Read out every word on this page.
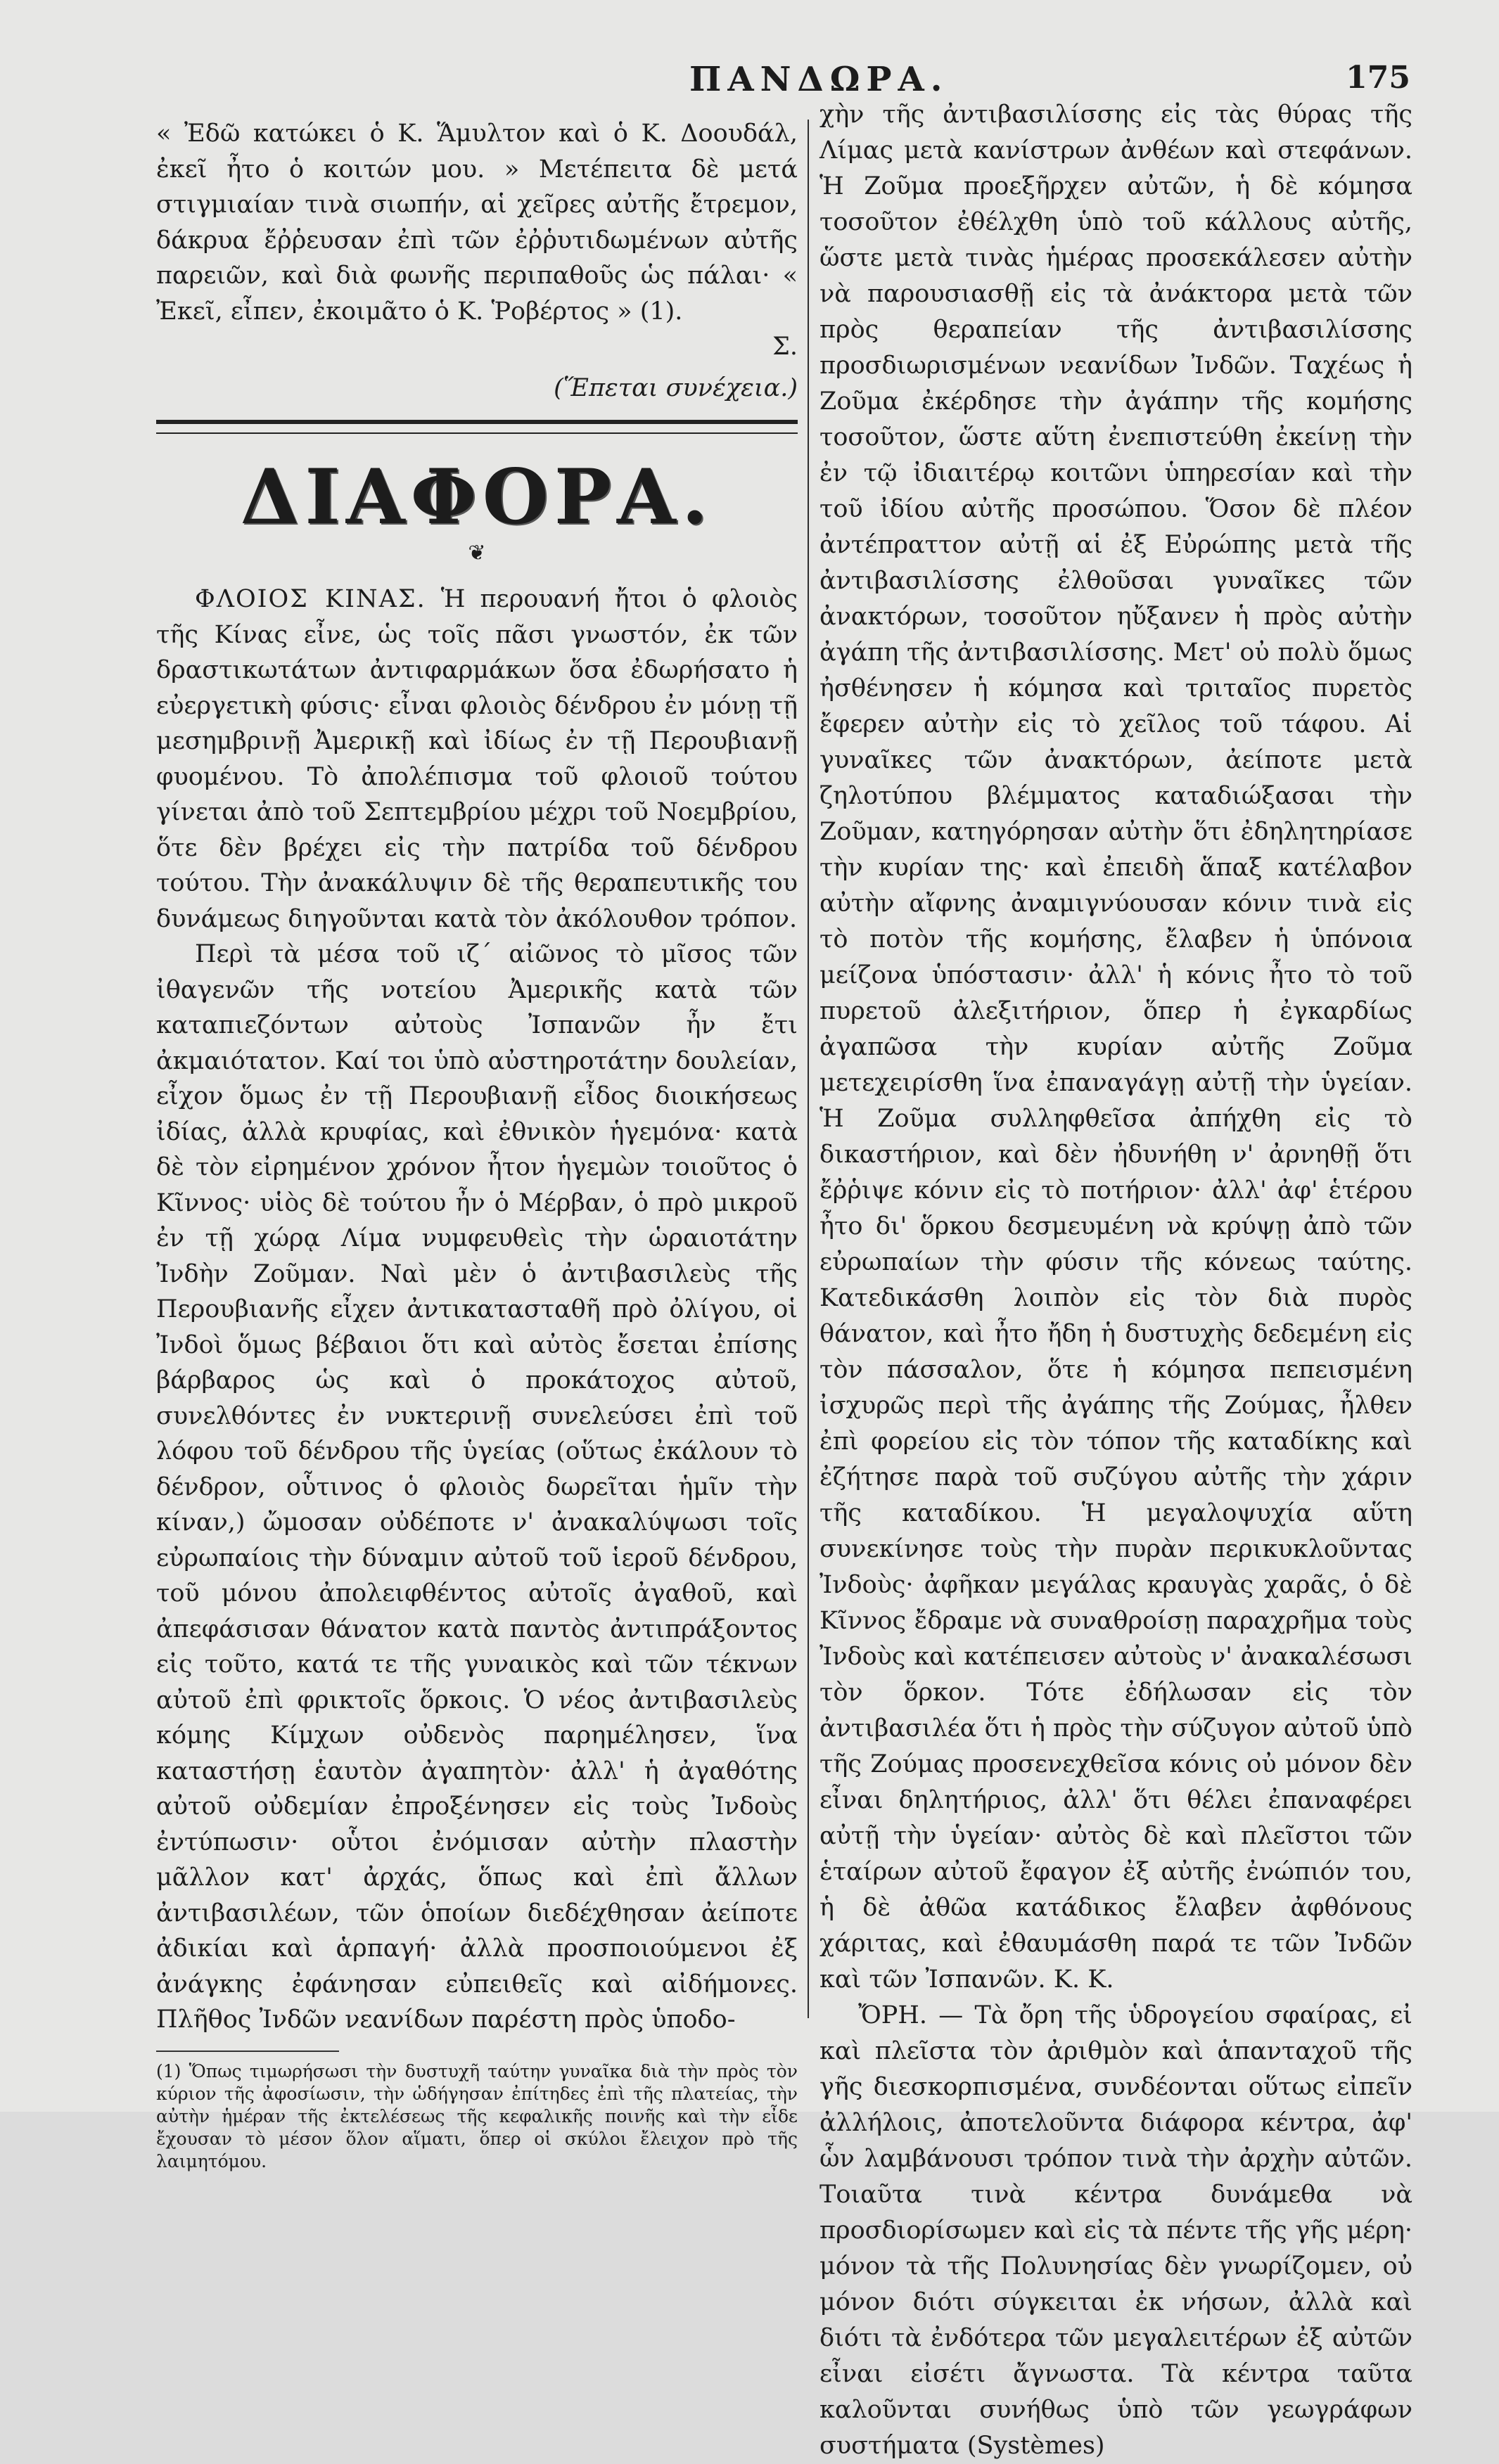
ΠΑΝΔΩΡΑ.	175

« Ἐδῶ κατώκει ὁ Κ. Ἅμυλτον καὶ ὁ Κ. Δοουδάλ, ἐκεῖ ἦτο ὁ κοιτών μου. » Μετέπειτα δὲ μετά στιγμιαίαν τινὰ σιωπήν, αἱ χεῖρες αὐτῆς ἔτρεμον, δάκρυα ἔῤῥευσαν ἐπὶ τῶν ἐῤῥυτιδωμένων αὐτῆς παρειῶν, καὶ διὰ φωνῆς περιπαθοῦς ὡς πάλαι· « Ἐκεῖ, εἶπεν, ἐκοιμᾶτο ὁ Κ. Ῥοβέρτος » (1).

Σ.

(Ἕπεται συνέχεια.)

ΔΙΑΦΟΡΑ.
❦

ΦΛΟΙΟΣ ΚΙΝΑΣ. Ἡ περουανή ἤτοι ὁ φλοιὸς τῆς Κίνας εἶνε, ὡς τοῖς πᾶσι γνωστόν, ἐκ τῶν δραστικωτάτων ἀντιφαρμάκων ὅσα ἐδωρήσατο ἡ εὐεργετικὴ φύσις· εἶναι φλοιὸς δένδρου ἐν μόνῃ τῇ μεσημβρινῇ Ἀμερικῇ καὶ ἰδίως ἐν τῇ Περουβιανῇ φυομένου. Τὸ ἀπολέπισμα τοῦ φλοιοῦ τούτου γίνεται ἀπὸ τοῦ Σεπτεμβρίου μέχρι τοῦ Νοεμβρίου, ὅτε δὲν βρέχει εἰς τὴν πατρίδα τοῦ δένδρου τούτου. Τὴν ἀνακάλυψιν δὲ τῆς θεραπευτικῆς του δυνάμεως διηγοῦνται κατὰ τὸν ἀκόλουθον τρόπον.

Περὶ τὰ μέσα τοῦ ιζ΄ αἰῶνος τὸ μῖσος τῶν ἰθαγενῶν τῆς νοτείου Ἀμερικῆς κατὰ τῶν καταπιεζόντων αὐτοὺς Ἰσπανῶν ἦν ἔτι ἀκμαιότατον. Καί τοι ὑπὸ αὐστηροτάτην δουλείαν, εἶχον ὅμως ἐν τῇ Περουβιανῇ εἶδος διοικήσεως ἰδίας, ἀλλὰ κρυφίας, καὶ ἐθνικὸν ἡγεμόνα· κατὰ δὲ τὸν εἰρημένον χρόνον ἦτον ἡγεμὼν τοιοῦτος ὁ Κῖννος· υἱὸς δὲ τούτου ἦν ὁ Μέρβαν, ὁ πρὸ μικροῦ ἐν τῇ χώρᾳ Λίμα νυμφευθεὶς τὴν ὡραιοτάτην Ἰνδὴν Ζοῦμαν. Ναὶ μὲν ὁ ἀντιβασιλεὺς τῆς Περουβιανῆς εἶχεν ἀντικατασταθῆ πρὸ ὀλίγου, οἱ Ἰνδοὶ ὅμως βέβαιοι ὅτι καὶ αὐτὸς ἔσεται ἐπίσης βάρβαρος ὡς καὶ ὁ προκάτοχος αὐτοῦ, συνελθόντες ἐν νυκτερινῇ συνελεύσει ἐπὶ τοῦ λόφου τοῦ δένδρου τῆς ὑγείας (οὕτως ἐκάλουν τὸ δένδρον, οὗτινος ὁ φλοιὸς δωρεῖται ἡμῖν τὴν κίναν,) ὤμοσαν οὐδέποτε ν' ἀνακαλύψωσι τοῖς εὐρωπαίοις τὴν δύναμιν αὐτοῦ τοῦ ἱεροῦ δένδρου, τοῦ μόνου ἀπολειφθέντος αὐτοῖς ἀγαθοῦ, καὶ ἀπεφάσισαν θάνατον κατὰ παντὸς ἀντιπράξοντος εἰς τοῦτο, κατά τε τῆς γυναικὸς καὶ τῶν τέκνων αὐτοῦ ἐπὶ φρικτοῖς ὅρκοις. Ὁ νέος ἀντιβασιλεὺς κόμης Κίμχων οὐδενὸς παρημέλησεν, ἵνα καταστήσῃ ἑαυτὸν ἀγαπητὸν· ἀλλ' ἡ ἀγαθότης αὐτοῦ οὐδεμίαν ἐπροξένησεν εἰς τοὺς Ἰνδοὺς ἐντύπωσιν· οὗτοι ἐνόμισαν αὐτὴν πλαστὴν μᾶλλον κατ' ἀρχάς, ὅπως καὶ ἐπὶ ἄλλων ἀντιβασιλέων, τῶν ὁποίων διεδέχθησαν ἀείποτε ἀδικίαι καὶ ἁρπαγή· ἀλλὰ προσποιούμενοι ἐξ ἀνάγκης ἐφάνησαν εὐπειθεῖς καὶ αἰδήμονες. Πλῆθος Ἰνδῶν νεανίδων παρέστη πρὸς ὑποδο-

(1) Ὅπως τιμωρήσωσι τὴν δυστυχῆ ταύτην γυναῖκα διὰ τὴν πρὸς τὸν κύριον τῆς ἀφοσίωσιν, τὴν ὡδήγησαν ἐπίτηδες ἐπὶ τῆς πλατείας, τὴν αὐτὴν ἡμέραν τῆς ἐκτελέσεως τῆς κεφαλικῆς ποινῆς καὶ τὴν εἶδε ἔχουσαν τὸ μέσον ὅλον αἵματι, ὅπερ οἱ σκύλοι ἔλειχον πρὸ τῆς λαιμητόμου.

χὴν τῆς ἀντιβασιλίσσης εἰς τὰς θύρας τῆς Λίμας μετὰ κανίστρων ἀνθέων καὶ στεφάνων. Ἡ Ζοῦμα προεξῆρχεν αὐτῶν, ἡ δὲ κόμησα τοσοῦτον ἐθέλχθη ὑπὸ τοῦ κάλλους αὐτῆς, ὥστε μετὰ τινὰς ἡμέρας προσεκάλεσεν αὐτὴν νὰ παρουσιασθῇ εἰς τὰ ἀνάκτορα μετὰ τῶν πρὸς θεραπείαν τῆς ἀντιβασιλίσσης προσδιωρισμένων νεανίδων Ἰνδῶν. Ταχέως ἡ Ζοῦμα ἐκέρδησε τὴν ἀγάπην τῆς κομήσης τοσοῦτον, ὥστε αὕτη ἐνεπιστεύθη ἐκείνῃ τὴν ἐν τῷ ἰδιαιτέρῳ κοιτῶνι ὑπηρεσίαν καὶ τὴν τοῦ ἰδίου αὐτῆς προσώπου. Ὅσον δὲ πλέον ἀντέπραττον αὐτῇ αἱ ἐξ Εὐρώπης μετὰ τῆς ἀντιβασιλίσσης ἐλθοῦσαι γυναῖκες τῶν ἀνακτόρων, τοσοῦτον ηὔξανεν ἡ πρὸς αὐτὴν ἀγάπη τῆς ἀντιβασιλίσσης. Μετ' οὐ πολὺ ὅμως ἠσθένησεν ἡ κόμησα καὶ τριταῖος πυρετὸς ἔφερεν αὐτὴν εἰς τὸ χεῖλος τοῦ τάφου. Αἱ γυναῖκες τῶν ἀνακτόρων, ἀείποτε μετὰ ζηλοτύπου βλέμματος καταδιώξασαι τὴν Ζοῦμαν, κατηγόρησαν αὐτὴν ὅτι ἐδηλητηρίασε τὴν κυρίαν της· καὶ ἐπειδὴ ἅπαξ κατέλαβον αὐτὴν αἴφνης ἀναμιγνύουσαν κόνιν τινὰ εἰς τὸ ποτὸν τῆς κομήσης, ἔλαβεν ἡ ὑπόνοια μείζονα ὑπόστασιν· ἀλλ' ἡ κόνις ἦτο τὸ τοῦ πυρετοῦ ἀλεξιτήριον, ὅπερ ἡ ἐγκαρδίως ἀγαπῶσα τὴν κυρίαν αὐτῆς Ζοῦμα μετεχειρίσθη ἵνα ἐπαναγάγῃ αὐτῇ τὴν ὑγείαν. Ἡ Ζοῦμα συλληφθεῖσα ἀπήχθη εἰς τὸ δικαστήριον, καὶ δὲν ἠδυνήθη ν' ἀρνηθῇ ὅτι ἔῤῥιψε κόνιν εἰς τὸ ποτήριον· ἀλλ' ἀφ' ἑτέρου ἦτο δι' ὅρκου δεσμευμένη νὰ κρύψῃ ἀπὸ τῶν εὐρωπαίων τὴν φύσιν τῆς κόνεως ταύτης. Κατεδικάσθη λοιπὸν εἰς τὸν διὰ πυρὸς θάνατον, καὶ ἦτο ἤδη ἡ δυστυχὴς δεδεμένη εἰς τὸν πάσσαλον, ὅτε ἡ κόμησα πεπεισμένη ἰσχυρῶς περὶ τῆς ἀγάπης τῆς Ζούμας, ἦλθεν ἐπὶ φορείου εἰς τὸν τόπον τῆς καταδίκης καὶ ἐζήτησε παρὰ τοῦ συζύγου αὐτῆς τὴν χάριν τῆς καταδίκου. Ἡ μεγαλοψυχία αὕτη συνεκίνησε τοὺς τὴν πυρὰν περικυκλοῦντας Ἰνδοὺς· ἀφῆκαν μεγάλας κραυγὰς χαρᾶς, ὁ δὲ Κῖννος ἔδραμε νὰ συναθροίσῃ παραχρῆμα τοὺς Ἰνδοὺς καὶ κατέπεισεν αὐτοὺς ν' ἀνακαλέσωσι τὸν ὅρκον. Τότε ἐδήλωσαν εἰς τὸν ἀντιβασιλέα ὅτι ἡ πρὸς τὴν σύζυγον αὐτοῦ ὑπὸ τῆς Ζούμας προσενεχθεῖσα κόνις οὐ μόνον δὲν εἶναι δηλητήριος, ἀλλ' ὅτι θέλει ἐπαναφέρει αὐτῇ τὴν ὑγείαν· αὐτὸς δὲ καὶ πλεῖστοι τῶν ἑταίρων αὐτοῦ ἔφαγον ἐξ αὐτῆς ἐνώπιόν του, ἡ δὲ ἀθῶα κατάδικος ἔλαβεν ἀφθόνους χάριτας, καὶ ἐθαυμάσθη παρά τε τῶν Ἰνδῶν καὶ τῶν Ἰσπανῶν. Κ. Κ.

ὌΡΗ. — Τὰ ὄρη τῆς ὑδρογείου σφαίρας, εἰ καὶ πλεῖστα τὸν ἀριθμὸν καὶ ἁπανταχοῦ τῆς γῆς διεσκορπισμένα, συνδέονται οὕτως εἰπεῖν ἀλλήλοις, ἀποτελοῦντα διάφορα κέντρα, ἀφ' ὧν λαμβάνουσι τρόπον τινὰ τὴν ἀρχὴν αὐτῶν. Τοιαῦτα τινὰ κέντρα δυνάμεθα νὰ προσδιορίσωμεν καὶ εἰς τὰ πέντε τῆς γῆς μέρη· μόνον τὰ τῆς Πολυνησίας δὲν γνωρίζομεν, οὐ μόνον διότι σύγκειται ἐκ νήσων, ἀλλὰ καὶ διότι τὰ ἐνδότερα τῶν μεγαλειτέρων ἐξ αὐτῶν εἶναι εἰσέτι ἄγνωστα. Τὰ κέντρα ταῦτα καλοῦνται συνήθως ὑπὸ τῶν γεωγράφων συστήματα (Systèmes)
